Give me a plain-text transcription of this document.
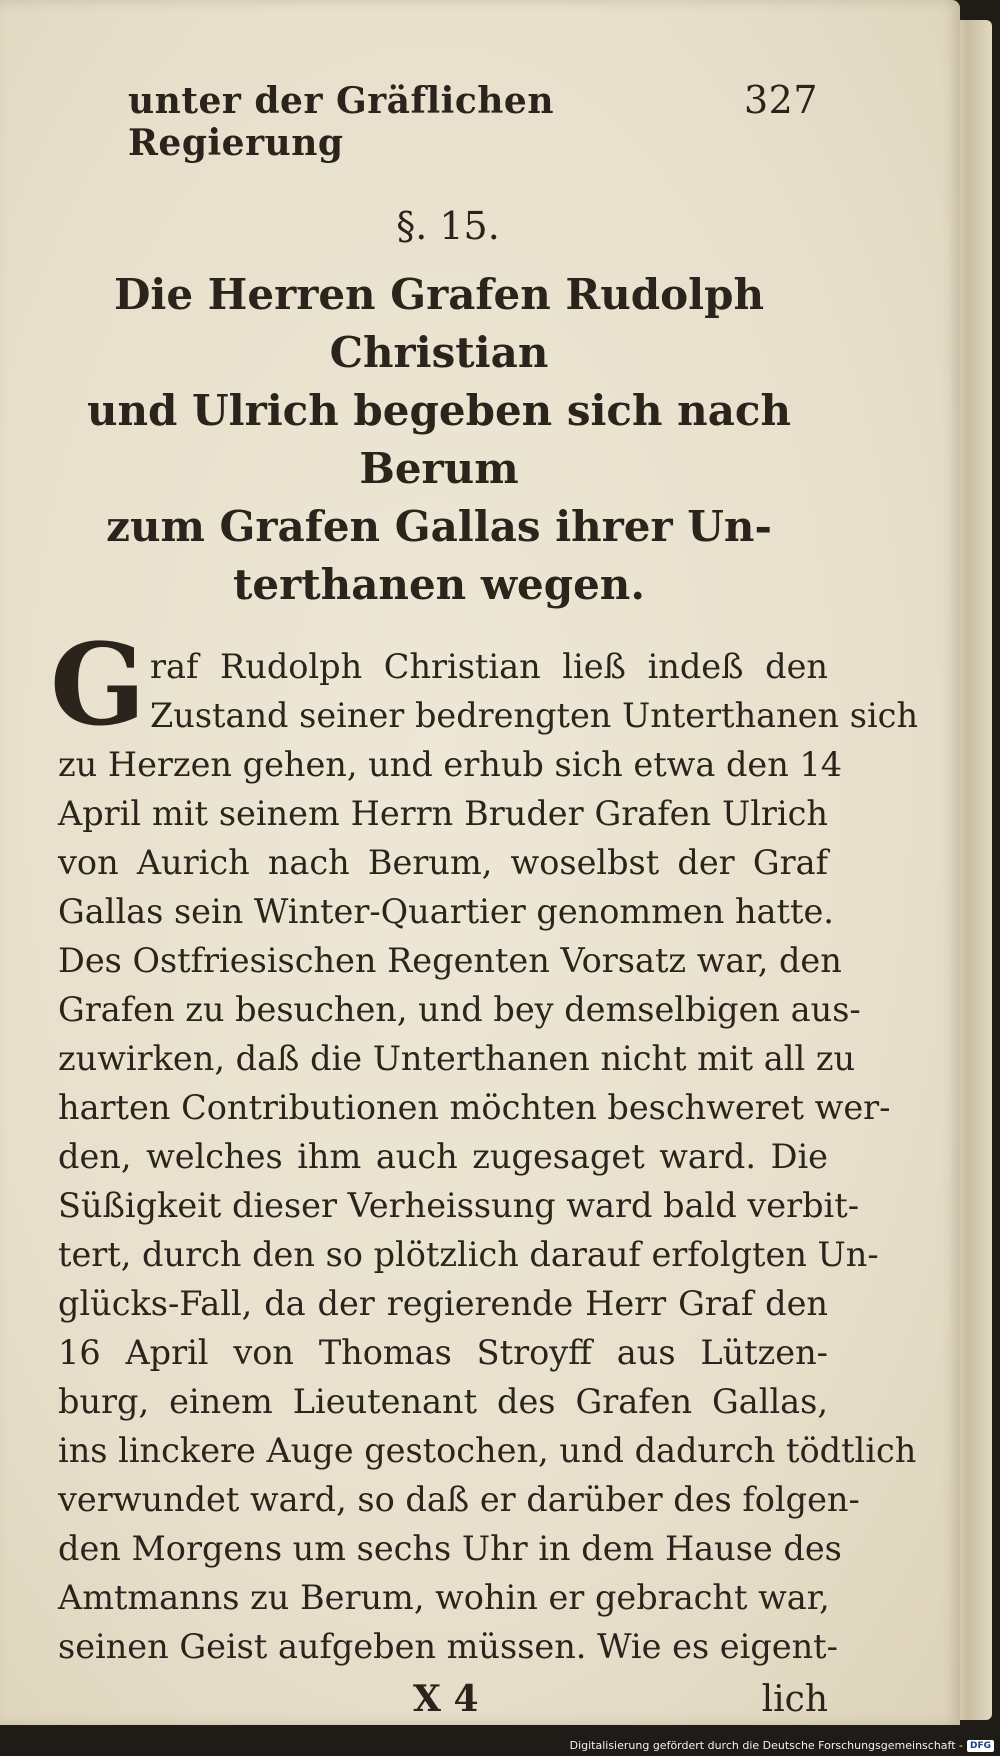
unter der Gräflichen Regierung
327
§. 15.
Die Herren Grafen Rudolph Christian
und Ulrich begeben sich nach Berum
zum Grafen Gallas ihrer Un-
terthanen wegen.
G raf Rudolph Christian ließ indeß den
Zustand seiner bedrengten Unterthanen sich
zu Herzen gehen, und erhub sich etwa den 14
April mit seinem Herrn Bruder Grafen Ulrich
von Aurich nach Berum, woselbst der Graf
Gallas sein Winter-Quartier genommen hatte.
Des Ostfriesischen Regenten Vorsatz war, den
Grafen zu besuchen, und bey demselbigen aus-
zuwirken, daß die Unterthanen nicht mit all zu
harten Contributionen möchten beschweret wer-
den, welches ihm auch zugesaget ward. Die
Süßigkeit dieser Verheissung ward bald verbit-
tert, durch den so plötzlich darauf erfolgten Un-
glücks-Fall, da der regierende Herr Graf den
16 April von Thomas Stroyff aus Lützen-
burg, einem Lieutenant des Grafen Gallas,
ins linckere Auge gestochen, und dadurch tödtlich
verwundet ward, so daß er darüber des folgen-
den Morgens um sechs Uhr in dem Hause des
Amtmanns zu Berum, wohin er gebracht war,
seinen Geist aufgeben müssen. Wie es eigent-
X 4	lich
Digitalisierung gefördert durch die Deutsche Forschungsgemeinschaft - DFG
